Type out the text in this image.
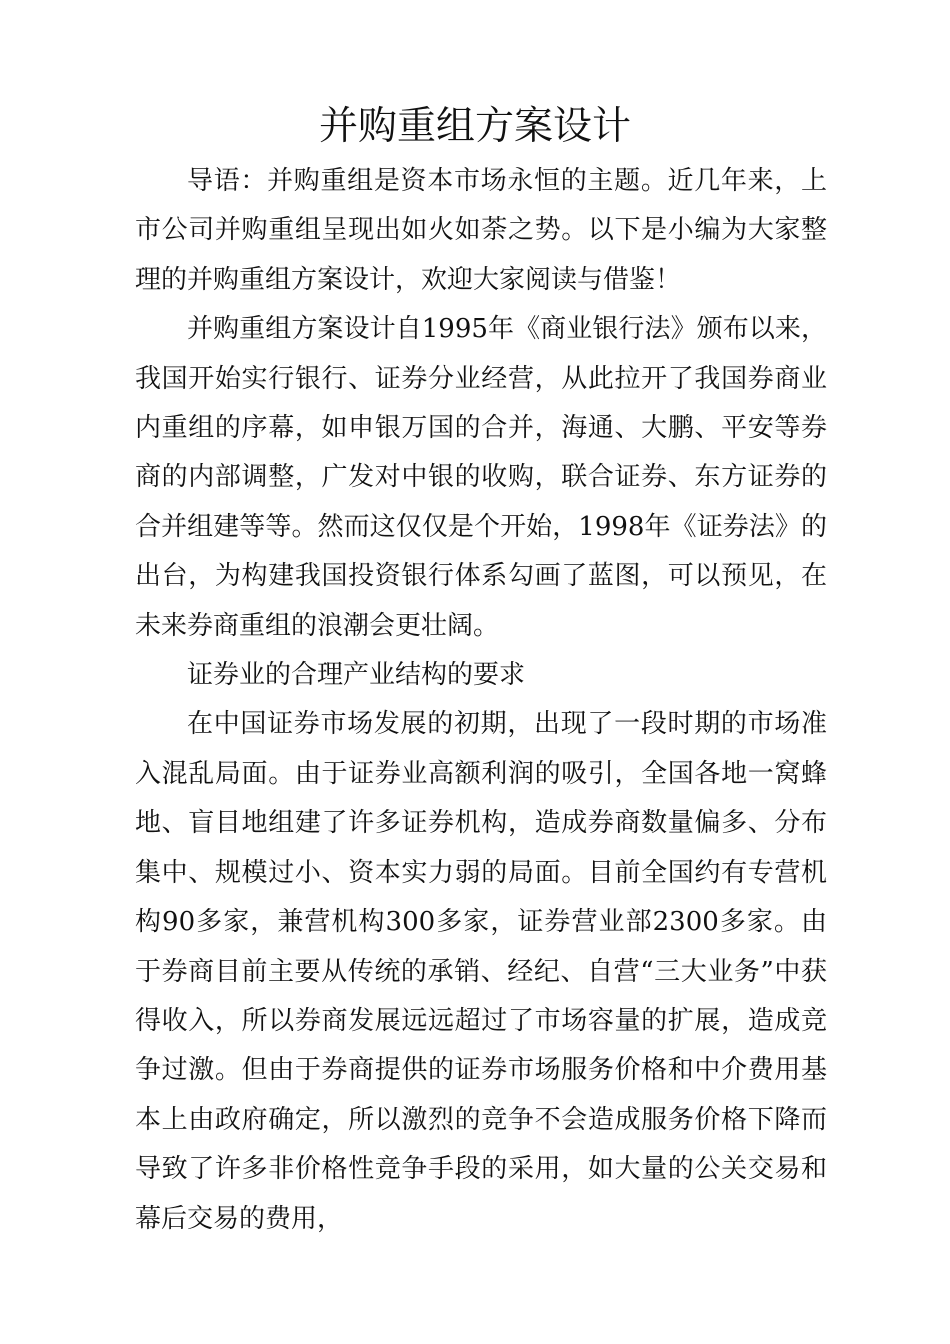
并购重组方案设计

导语：并购重组是资本市场永恒的主题。近几年来，上市公司并购重组呈现出如火如荼之势。以下是小编为大家整理的并购重组方案设计，欢迎大家阅读与借鉴！

并购重组方案设计自1995年《商业银行法》颁布以来，我国开始实行银行、证券分业经营，从此拉开了我国券商业内重组的序幕，如申银万国的合并，海通、大鹏、平安等券商的内部调整，广发对中银的收购，联合证券、东方证券的合并组建等等。然而这仅仅是个开始，1998年《证券法》的出台，为构建我国投资银行体系勾画了蓝图，可以预见，在未来券商重组的浪潮会更壮阔。

证券业的合理产业结构的要求

在中国证券市场发展的初期，出现了一段时期的市场准入混乱局面。由于证券业高额利润的吸引，全国各地一窝蜂地、盲目地组建了许多证券机构，造成券商数量偏多、分布集中、规模过小、资本实力弱的局面。目前全国约有专营机构90多家，兼营机构300多家，证券营业部2300多家。由于券商目前主要从传统的承销、经纪、自营“三大业务”中获得收入，所以券商发展远远超过了市场容量的扩展，造成竞争过激。但由于券商提供的证券市场服务价格和中介费用基本上由政府确定，所以激烈的竞争不会造成服务价格下降而导致了许多非价格性竞争手段的采用，如大量的公关交易和幕后交易的费用，
